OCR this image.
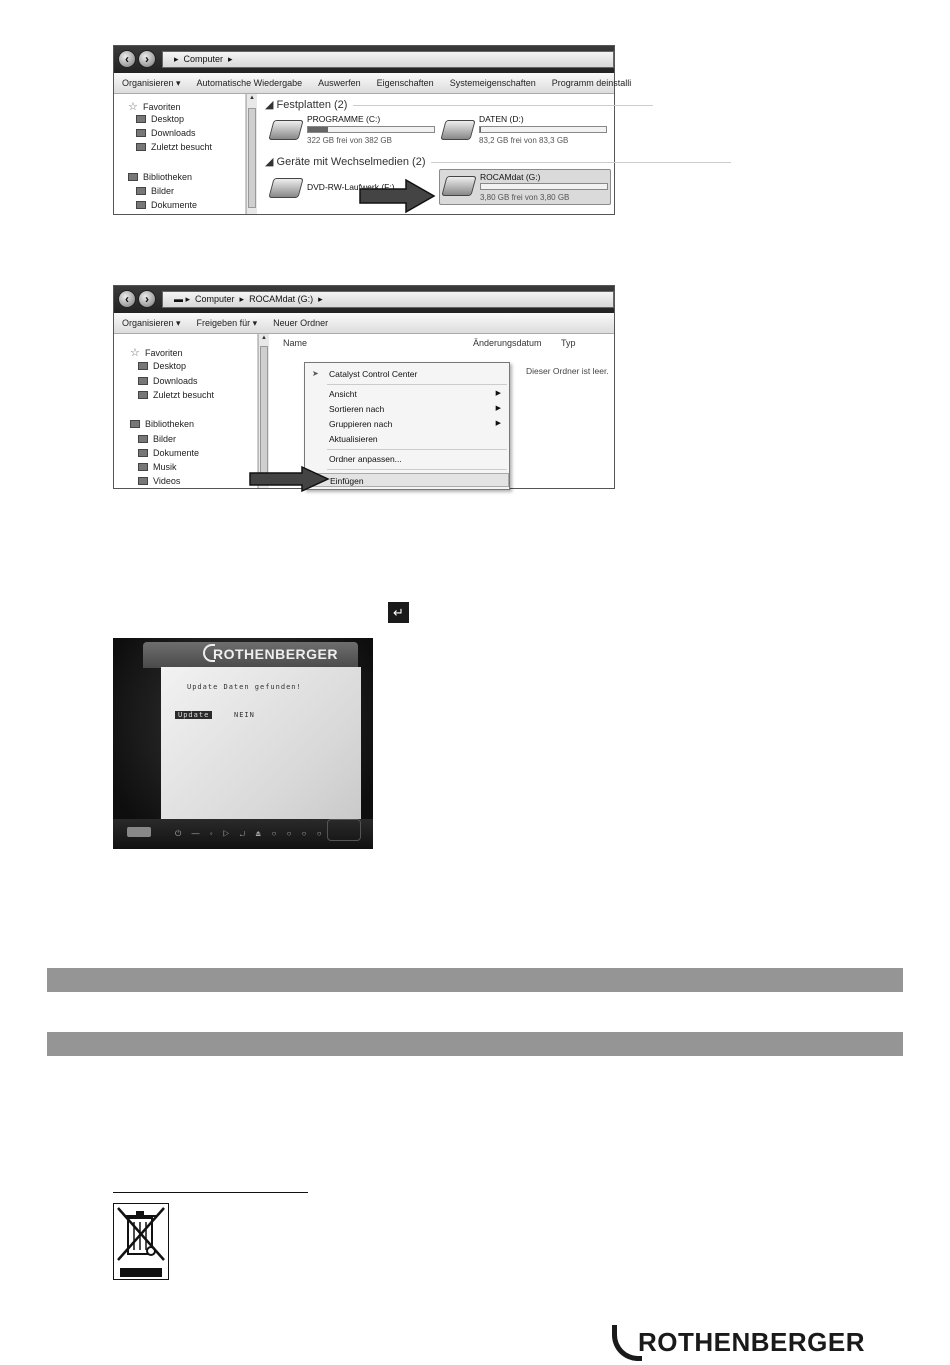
‹	›	▸ Computer ▸
Organisieren ▾ Automatische Wiedergabe Auswerfen Eigenschaften Systemeigenschaften Programm deinstalli
☆ Favoriten
Desktop
Downloads
Zuletzt besucht
Bibliotheken
Bilder
Dokumente
▲
◢ Festplatten (2)
PROGRAMME (C:)
322 GB frei von 382 GB
DATEN (D:)
83,2 GB frei von 83,3 GB
◢ Geräte mit Wechselmedien (2)
DVD-RW-Laufwerk (F:)
ROCAMdat (G:)
3,80 GB frei von 3,80 GB
‹	›	▬ ▸ Computer ▸ ROCAMdat (G:) ▸
Organisieren ▾ Freigeben für ▾ Neuer Ordner
☆ Favoriten
Desktop
Downloads
Zuletzt besucht
Bibliotheken
Bilder
Dokumente
Musik
Videos
▲ Name	Änderungsdatum Typ
Dieser Ordner ist leer.
➤ Catalyst Control Center
Ansicht	▶
Sortieren nach	▶
Gruppieren nach	▶
Aktualisieren
Ordner anpassen...
Einfügen
↵
ROTHENBERGER
Update Daten gefunden!
Update	NEIN
⏻ — ◦ ▷ ↵ ⏏ ○ ○ ○ ○
ROTHENBERGER
